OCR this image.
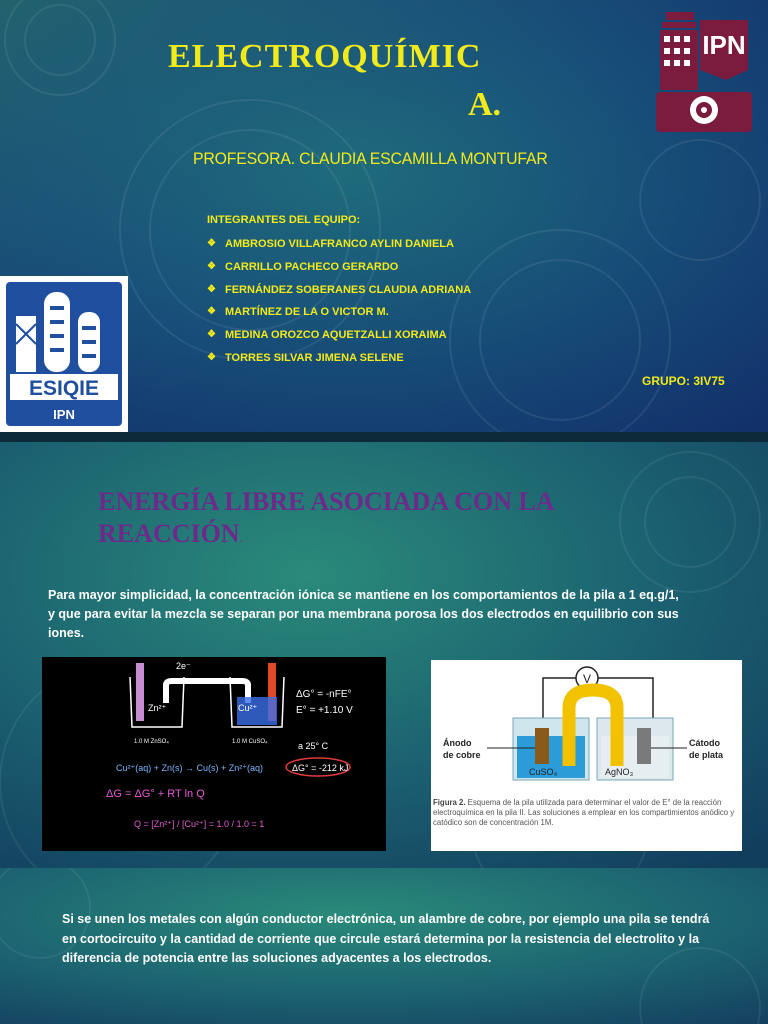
ELECTROQUÍMIC
A.
PROFESORA. CLAUDIA ESCAMILLA MONTUFAR
INTEGRANTES DEL EQUIPO:
❖ AMBROSIO VILLAFRANCO AYLIN DANIELA
❖ CARRILLO PACHECO GERARDO
❖ FERNÁNDEZ SOBERANES CLAUDIA ADRIANA
❖ MARTÍNEZ DE LA O VICTOR M.
❖ MEDINA OROZCO AQUETZALLI XORAIMA
❖ TORRES SILVAR JIMENA SELENE
GRUPO: 3IV75
IPN
ESIQIE
IPN
ENERGÍA LIBRE ASOCIADA CON LA REACCIÓN.
Para mayor simplicidad, la concentración iónica se mantiene en los comportamientos de la pila a 1 eq.g/1, y que para evitar la mezcla se separan por una membrana porosa los dos electrodos en equilibrio con sus iones.
2e⁻
Zn²⁺	Cu²⁺
ΔG° = -nFE°
E° = +1.10 V
1.0 M ZnSO₄	1.0 M CuSO₄	a 25° C
Cu²⁺(aq) + Zn(s) → Cu(s) + Zn²⁺(aq)	ΔG° = -212 kJ
ΔG = ΔG° + RT ln Q
Q = [Zn²⁺] / [Cu²⁺] = 1.0 / 1.0 = 1
V
CuSO₄	AgNO₃
Ánodo
de cobre
Cátodo
de plata
Figura 2. Esquema de la pila utilizada para determinar el valor de E° de la reacción electroquímica en la pila II. Las soluciones a emplear en los compartimientos anódico y catódico son de concentración 1M.
Si se unen los metales con algún conductor electrónica, un alambre de cobre, por ejemplo una pila se tendrá en cortocircuito y la cantidad de corriente que circule estará determina por la resistencia del electrolito y la diferencia de potencia entre las soluciones adyacentes a los electrodos.
